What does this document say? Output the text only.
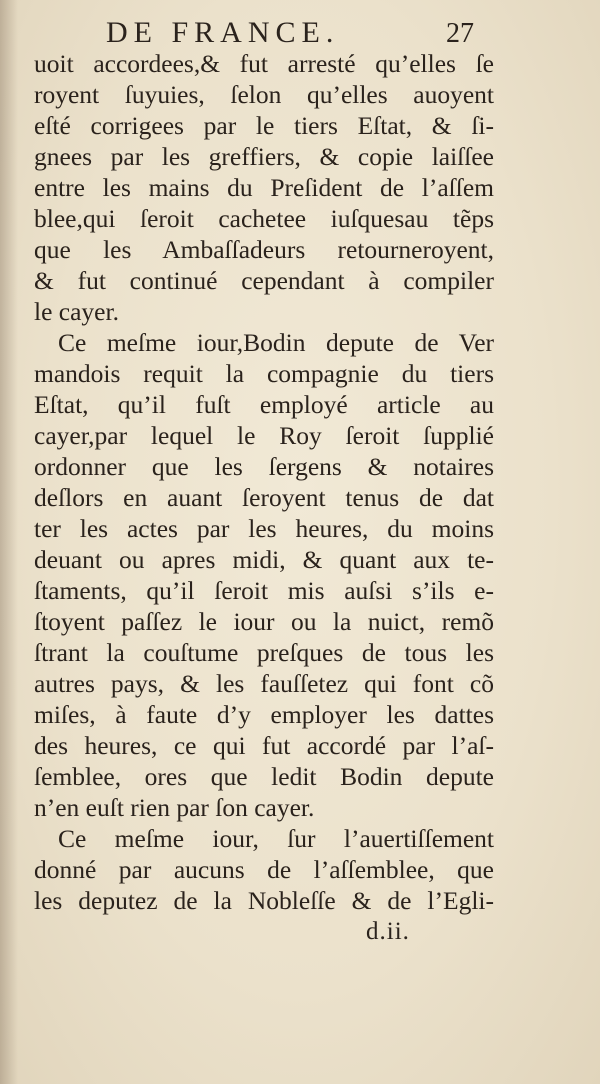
DE FRANCE.	27
uoit accordees,& fut arresté qu’elles ſe
royent ſuyuies, ſelon qu’elles auoyent
eſté corrigees par le tiers Eſtat, & ſi-
gnees par les greffiers, & copie laiſſee
entre les mains du Preſident de l’aſſem
blee,qui ſeroit cachetee iuſquesau tẽps
que les Ambaſſadeurs retourneroyent,
& fut continué cependant à compiler
le cayer.
Ce meſme iour,Bodin depute de Ver
mandois requit la compagnie du tiers
Eſtat, qu’il fuſt employé article au
cayer,par lequel le Roy ſeroit ſupplié
ordonner que les ſergens & notaires
deſlors en auant ſeroyent tenus de dat
ter les actes par les heures, du moins
deuant ou apres midi, & quant aux te-
ſtaments, qu’il ſeroit mis auſsi s’ils e-
ſtoyent paſſez le iour ou la nuict, remõ
ſtrant la couſtume preſques de tous les
autres pays, & les fauſſetez qui font cõ
miſes, à faute d’y employer les dattes
des heures, ce qui fut accordé par l’aſ-
ſemblee, ores que ledit Bodin depute
n’en euſt rien par ſon cayer.
Ce meſme iour, ſur l’auertiſſement
donné par aucuns de l’aſſemblee, que
les deputez de la Nobleſſe & de l’Egli-
d.ii.
